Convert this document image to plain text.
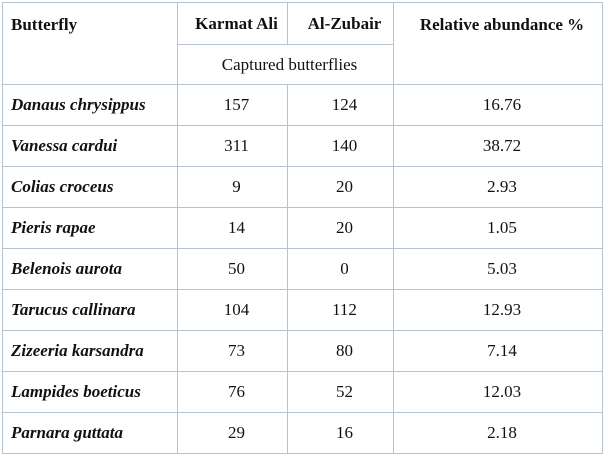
Butterfly	Karmat Ali	Al-Zubair	Relative abundance %
	Captured butterflies		
Danaus chrysippus	157	124	16.76
Vanessa cardui	311	140	38.72
Colias croceus	9	20	2.93
Pieris rapae	14	20	1.05
Belenois aurota	50	0	5.03
Tarucus callinara	104	112	12.93
Zizeeria karsandra	73	80	7.14
Lampides boeticus	76	52	12.03
Parnara guttata	29	16	2.18
